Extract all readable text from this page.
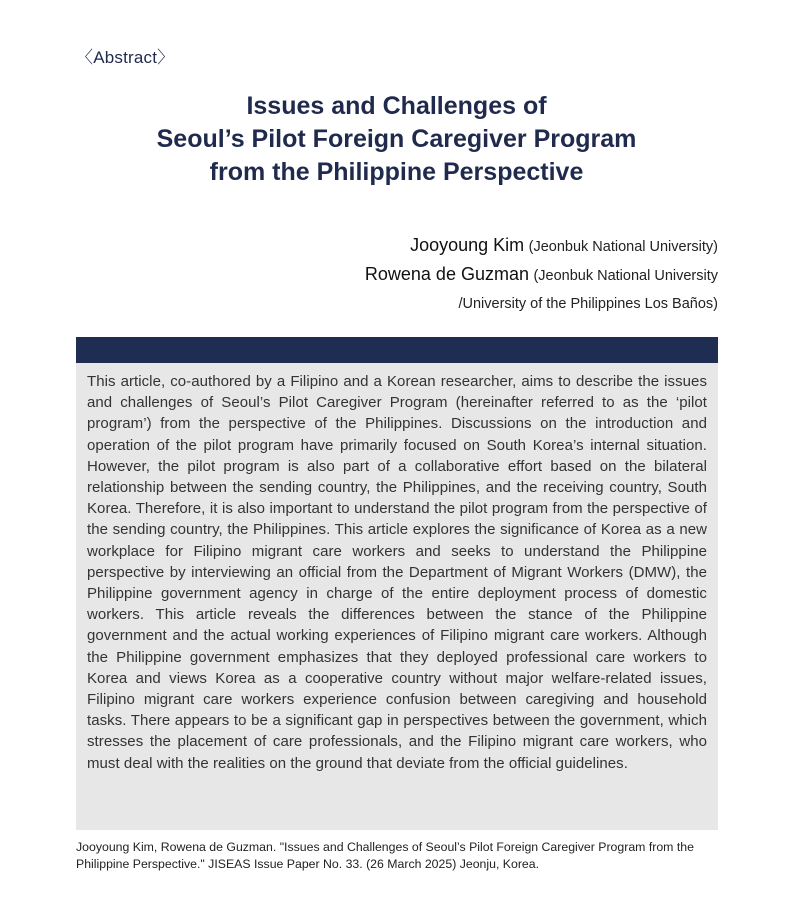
〈Abstract〉
Issues and Challenges of
Seoul’s Pilot Foreign Caregiver Program
from the Philippine Perspective
Jooyoung Kim (Jeonbuk National University)
Rowena de Guzman (Jeonbuk National University
/University of the Philippines Los Baños)

This article, co-authored by a Filipino and a Korean researcher, aims to describe the issues and challenges of Seoul’s Pilot Caregiver Program (hereinafter referred to as the ‘pilot program’) from the perspective of the Philippines. Discussions on the introduction and operation of the pilot program have primarily focused on South Korea’s internal situation. However, the pilot program is also part of a collaborative effort based on the bilateral relationship between the sending country, the Philippines, and the receiving country, South Korea. Therefore, it is also important to understand the pilot program from the perspective of the sending country, the Philippines. This article explores the significance of Korea as a new workplace for Filipino migrant care workers and seeks to understand the Philippine perspective by interviewing an official from the Department of Migrant Workers (DMW), the Philippine government agency in charge of the entire deployment process of domestic workers. This article reveals the differences between the stance of the Philippine government and the actual working experiences of Filipino migrant care workers. Although the Philippine government emphasizes that they deployed professional care workers to Korea and views Korea as a cooperative country without major welfare-related issues, Filipino migrant care workers experience confusion between caregiving and household tasks. There appears to be a significant gap in perspectives between the government, which stresses the placement of care professionals, and the Filipino migrant care workers, who must deal with the realities on the ground that deviate from the official guidelines.

Jooyoung Kim, Rowena de Guzman. "Issues and Challenges of Seoul’s Pilot Foreign Caregiver Program from the Philippine Perspective." JISEAS Issue Paper No. 33. (26 March 2025) Jeonju, Korea.
